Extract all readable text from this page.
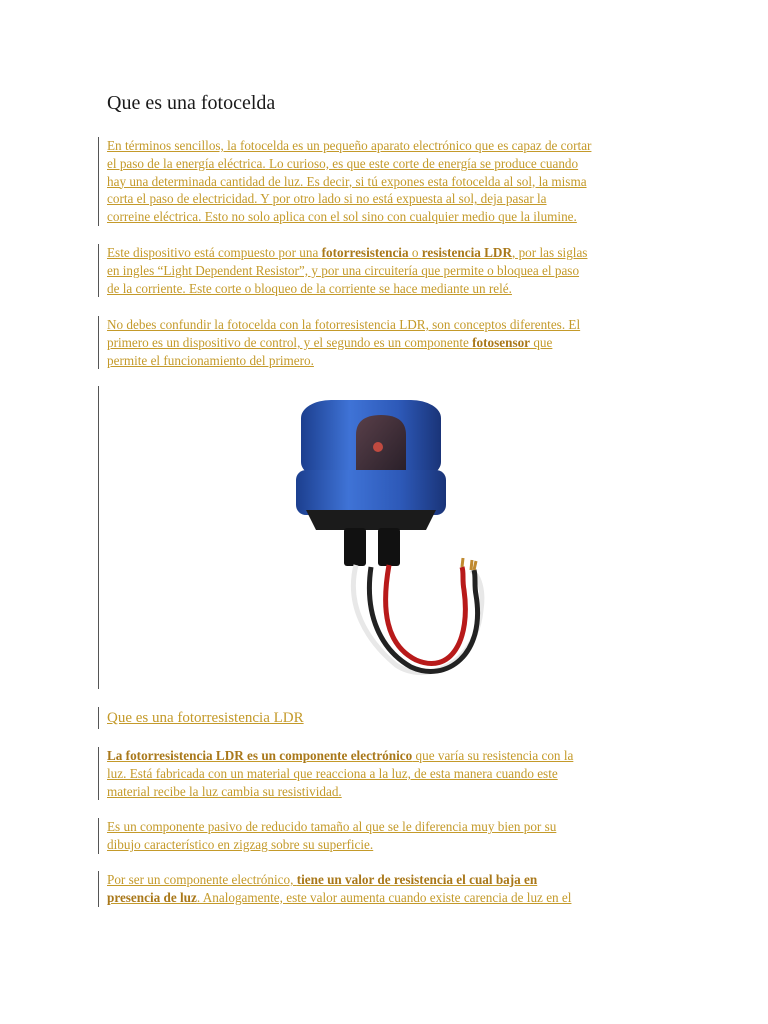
Que es una fotocelda
En términos sencillos, la fotocelda es un pequeño aparato electrónico que es capaz de cortar
el paso de la energía eléctrica. Lo curioso, es que este corte de energía se produce cuando
hay una determinada cantidad de luz. Es decir, si tú expones esta fotocelda al sol, la misma
corta el paso de electricidad. Y por otro lado si no está expuesta al sol, deja pasar la
correine eléctrica. Esto no solo aplica con el sol sino con cualquier medio que la ilumine.
Este dispositivo está compuesto por una fotorresistencia o resistencia LDR, por las siglas
en ingles “Light Dependent Resistor”, y por una circuitería que permite o bloquea el paso
de la corriente. Este corte o bloqueo de la corriente se hace mediante un relé.
No debes confundir la fotocelda con la fotorresistencia LDR, son conceptos diferentes. El
primero es un dispositivo de control, y el segundo es un componente fotosensor que
permite el funcionamiento del primero.
Que es una fotorresistencia LDR
La fotorresistencia LDR es un componente electrónico que varía su resistencia con la
luz. Está fabricada con un material que reacciona a la luz, de esta manera cuando este
material recibe la luz cambia su resistividad.
Es un componente pasivo de reducido tamaño al que se le diferencia muy bien por su
dibujo característico en zigzag sobre su superficie.
Por ser un componente electrónico, tiene un valor de resistencia el cual baja en
presencia de luz. Analogamente, este valor aumenta cuando existe carencia de luz en el
